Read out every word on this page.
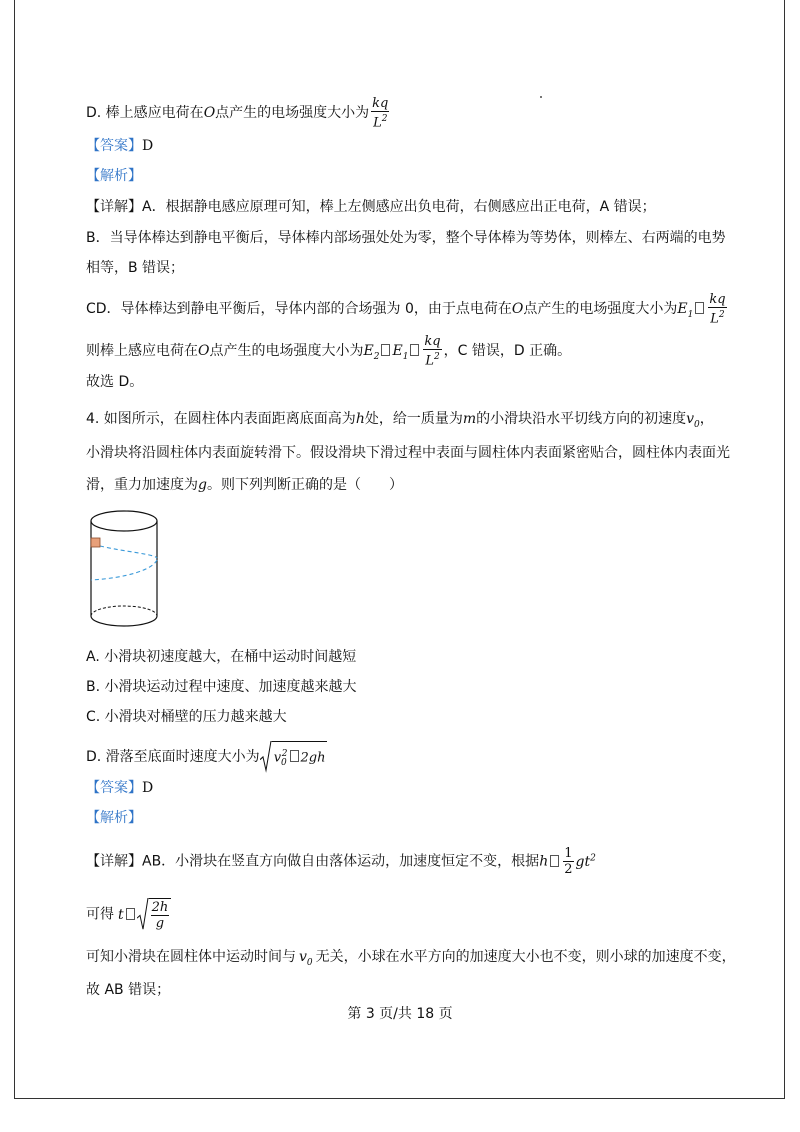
D. 棒上感应电荷在O点产生的电场强度大小为 $\frac{kq}{L^2}$
【答案】D
【解析】
【详解】A．根据静电感应原理可知，棒上左侧感应出负电荷，右侧感应出正电荷，A 错误；
B．当导体棒达到静电平衡后，导体棒内部场强处处为零，整个导体棒为等势体，则棒左、右两端的电势
相等，B 错误；
CD．导体棒达到静电平衡后，导体内部的合场强为 0，由于点电荷在O点产生的电场强度大小为$E_1 \frac{kq}{L^2}$
则棒上感应电荷在O点产生的电场强度大小为$E_2$ $E_1 \frac{kq}{L^2}$ ，C 错误，D 正确。
故选 D。
4. 如图所示，在圆柱体内表面距离底面高为h处，给一质量为m的小滑块沿水平切线方向的初速度$v_0$，
小滑块将沿圆柱体内表面旋转滑下。假设滑块下滑过程中表面与圆柱体内表面紧密贴合，圆柱体内表面光
滑，重力加速度为g。则下列判断正确的是（　　）
A. 小滑块初速度越大，在桶中运动时间越短
B. 小滑块运动过程中速度、加速度越来越大
C. 小滑块对桶壁的压力越来越大
D. 滑落至底面时速度大小为 $v_0^2$ 2gh
【答案】D
【解析】
【详解】AB．小滑块在竖直方向做自由落体运动，加速度恒定不变，根据h $\frac{1}{2} gt^2$
可得 t $\frac{2h}{g}$
可知小滑块在圆柱体中运动时间与 $v_0$ 无关，小球在水平方向的加速度大小也不变，则小球的加速度不变，
故 AB 错误；
第 3 页/共 18 页
